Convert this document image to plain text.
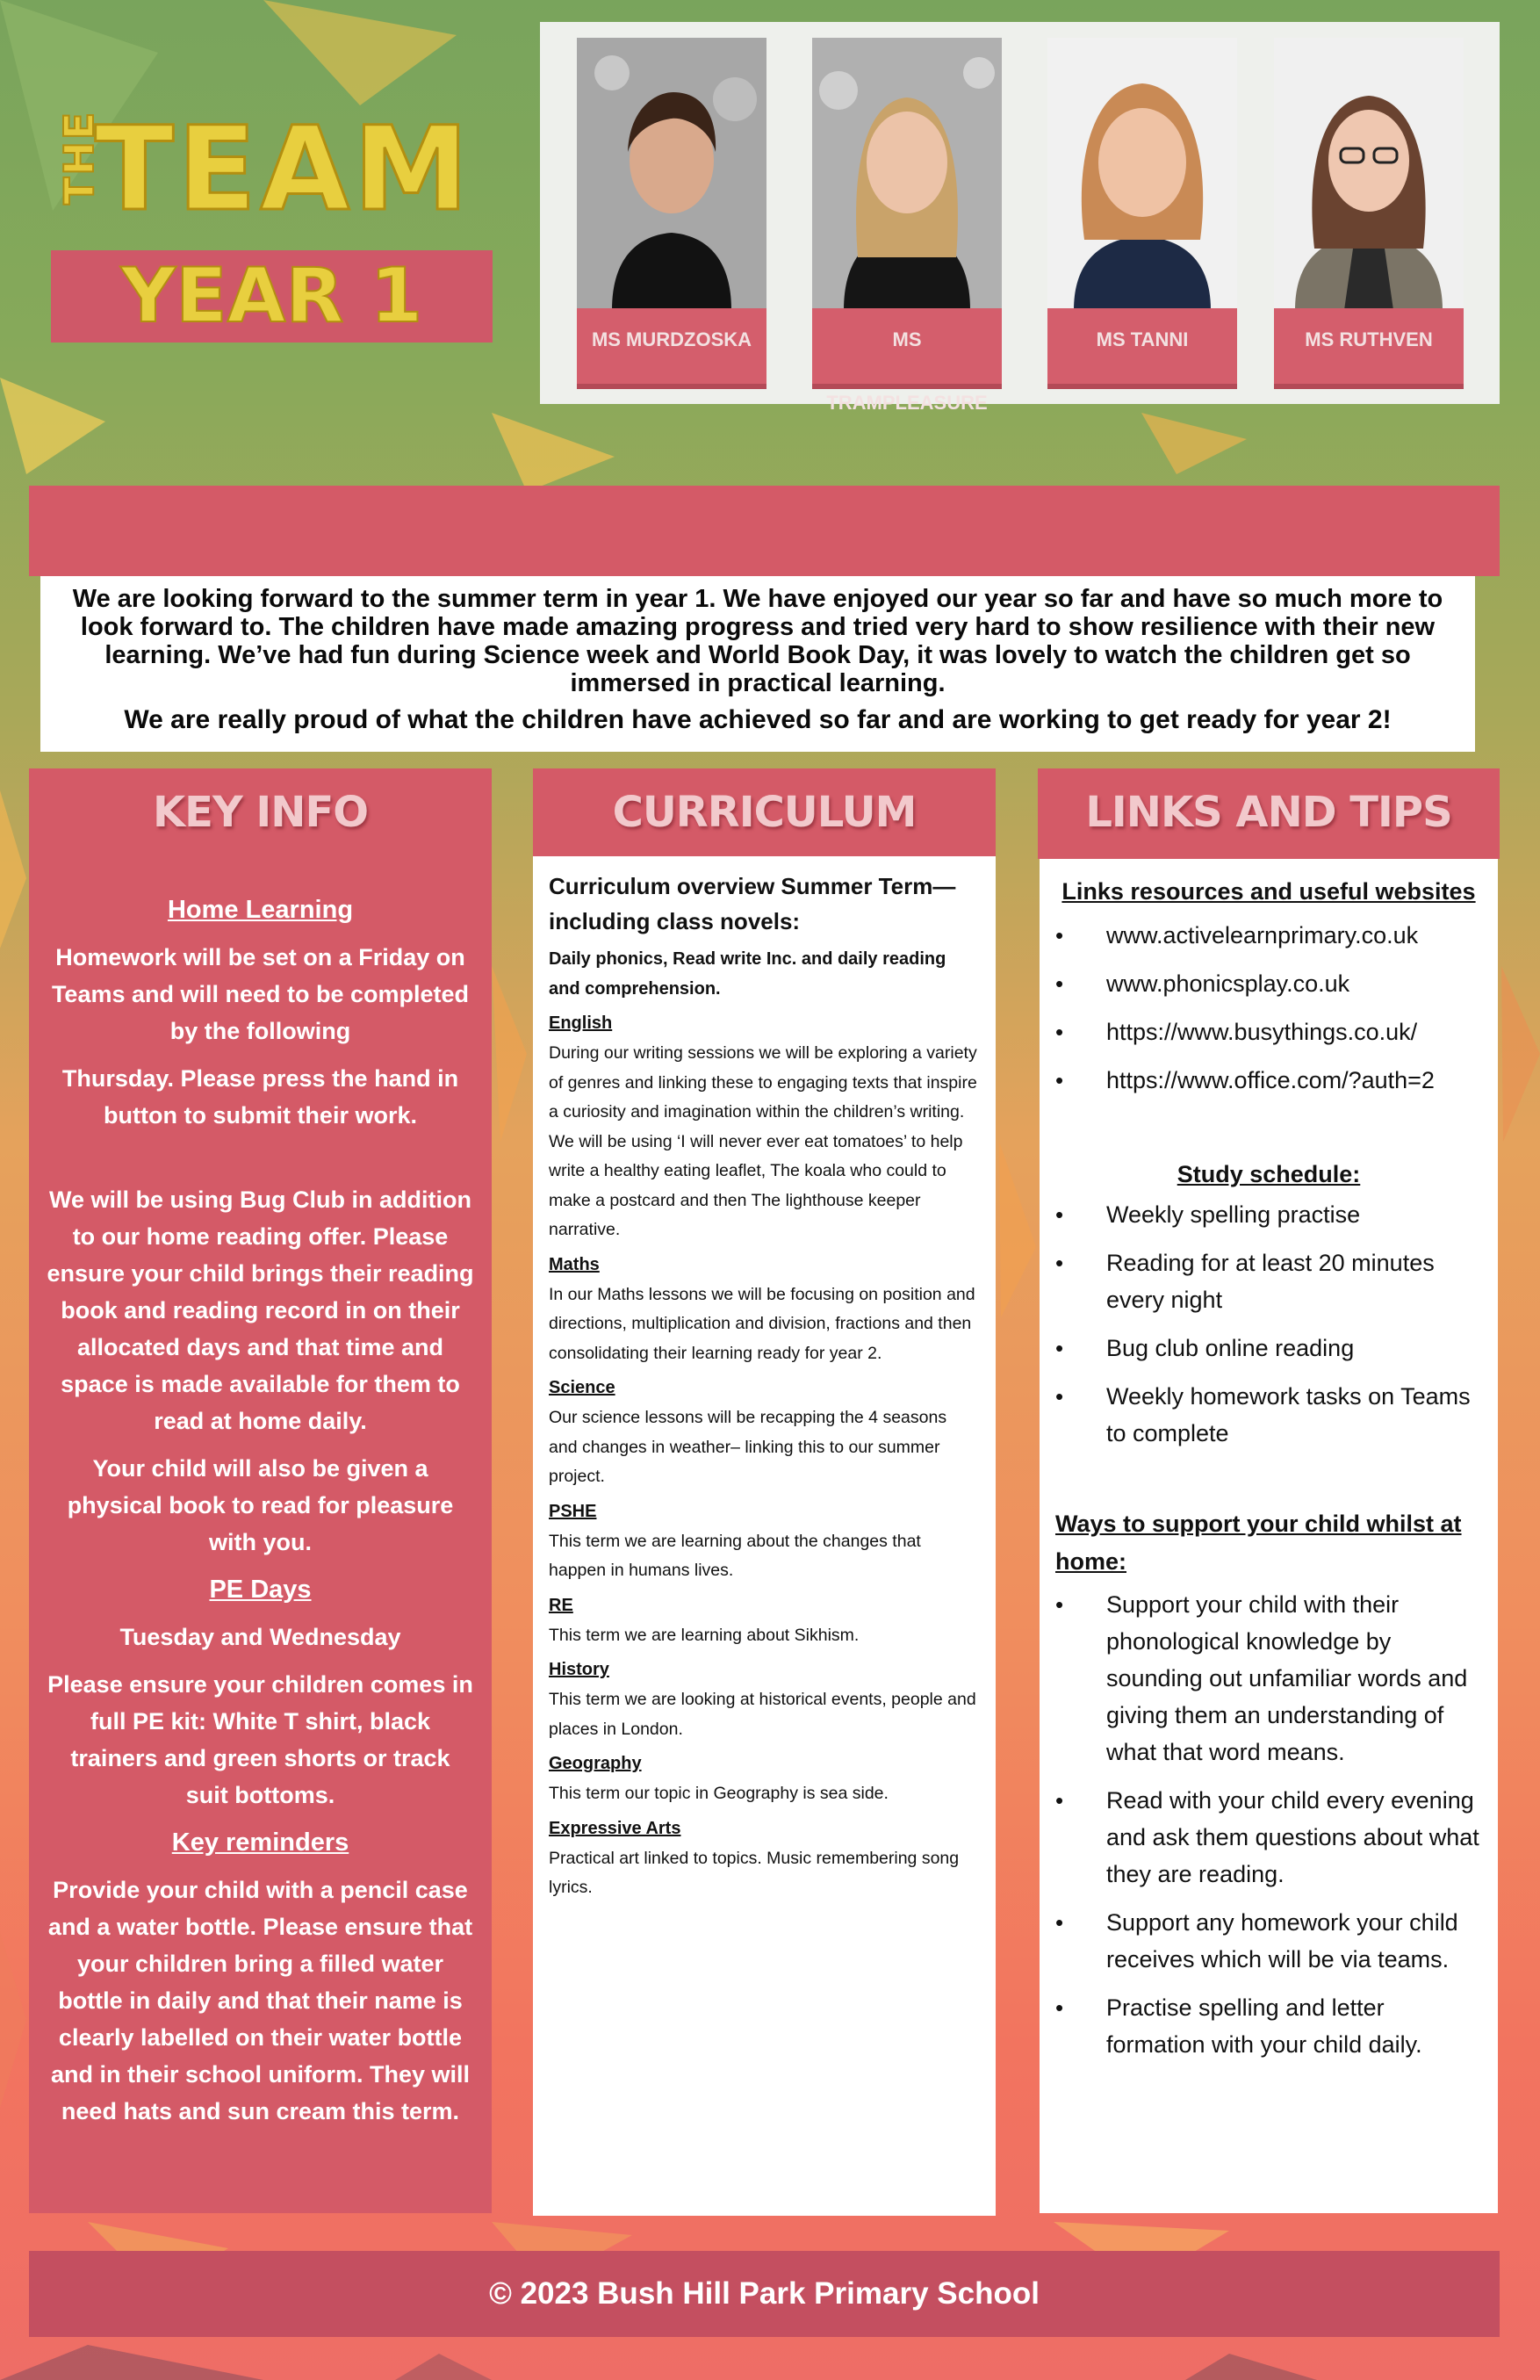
THE
TEAM
YEAR 1	MS MURDZOSKA	MS TRAMPLEASURE
MS TANNI	MS RUTHVEN

We are looking forward to the summer term in year 1. We have enjoyed our year so far and have so much more to look forward to. The children have made amazing progress and tried very hard to show resilience with their new learning. We’ve had fun during Science week and World Book Day, it was lovely to watch the children get so immersed in practical learning.

We are really proud of what the children have achieved so far and are working to get ready for year 2!

KEY INFO

Home Learning

Homework will be set on a Friday on Teams and will need to be completed by the following

Thursday. Please press the hand in button to submit their work.

We will be using Bug Club in addition to our home reading offer. Please ensure your child brings their reading book and reading record in on their allocated days and that time and space is made available for them to read at home daily.

Your child will also be given a physical book to read for pleasure with you.

PE Days

Tuesday and Wednesday

Please ensure your children comes in full PE kit: White T shirt, black trainers and green shorts or track suit bottoms.

Key reminders

Provide your child with a pencil case and a water bottle. Please ensure that your children bring a filled water bottle in daily and that their name is clearly labelled on their water bottle and in their school uniform. They will need hats and sun cream this term.

CURRICULUM

Curriculum overview Summer Term—including class novels:

Daily phonics, Read write Inc. and daily reading and comprehension.

English

During our writing sessions we will be exploring a variety of genres and linking these to engaging texts that inspire a curiosity and imagination within the children’s writing. We will be using ‘I will never ever eat tomatoes’ to help write a healthy eating leaflet, The koala who could to make a postcard and then The lighthouse keeper narrative.

Maths

In our Maths lessons we will be focusing on position and directions, multiplication and division, fractions and then consolidating their learning ready for year 2.

Science

Our science lessons will be recapping the 4 seasons and changes in weather– linking this to our summer project.

PSHE

This term we are learning about the changes that happen in humans lives.

RE

This term we are learning about Sikhism.

History

This term we are looking at historical events, people and places in London.

Geography

This term our topic in Geography is sea side.

Expressive Arts

Practical art linked to topics. Music remembering song lyrics.

LINKS AND TIPS

Links resources and useful websites

• www.activelearnprimary.co.uk
• www.phonicsplay.co.uk
• https://www.busythings.co.uk/
• https://www.office.com/?auth=2

Study schedule:

• Weekly spelling practise
• Reading for at least 20 minutes every night
• Bug club online reading
• Weekly homework tasks on Teams to complete

Ways to support your child whilst at home:

• Support your child with their phonological knowledge by sounding out unfamiliar words and giving them an understanding of what that word means.
• Read with your child every evening and ask them questions about what they are reading.
• Support any homework your child receives which will be via teams.
• Practise spelling and letter formation with your child daily.
© 2023 Bush Hill Park Primary School
